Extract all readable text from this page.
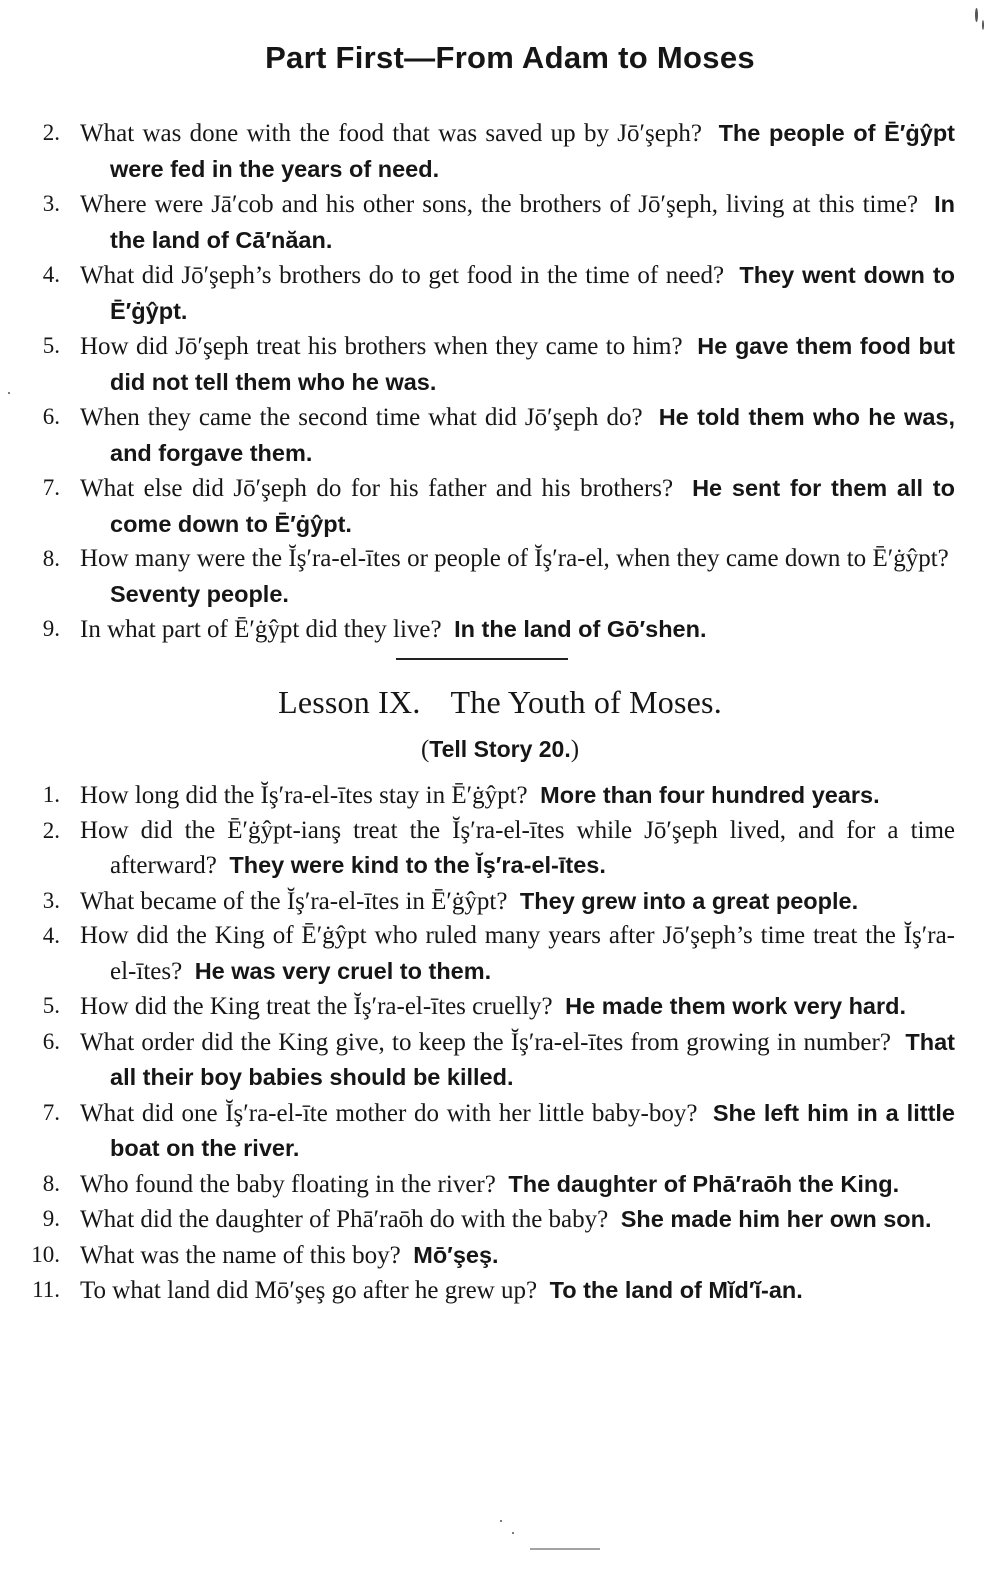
Part First—From Adam to Moses
2. What was done with the food that was saved up by Jō′şeph? The people of Ē′ġŷpt were fed in the years of need.
3. Where were Jā′cob and his other sons, the brothers of Jō′şeph, living at this time? In the land of Cā′năan.
4. What did Jō′şeph’s brothers do to get food in the time of need? They went down to Ē′ġŷpt.
5. How did Jō′şeph treat his brothers when they came to him? He gave them food but did not tell them who he was.
6. When they came the second time what did Jō′şeph do? He told them who he was, and forgave them.
7. What else did Jō′şeph do for his father and his brothers? He sent for them all to come down to Ē′ġŷpt.
8. How many were the Ĭş′ra-el-ītes or people of Ĭş′ra-el, when they came down to Ē′ġŷpt?  Seventy people.
9. In what part of Ē′ġŷpt did they live? In the land of Gō′shen.
Lesson IX. The Youth of Moses.
(Tell Story 20.)
1. How long did the Ĭş′ra-el-ītes stay in Ē′ġŷpt? More than four hundred years.
2. How did the Ē′ġŷpt-ianş treat the Ĭş′ra-el-ītes while Jō′şeph lived, and for a time afterward? They were kind to the Ĭş′ra-el-ītes.
3. What became of the Ĭş′ra-el-ītes in Ē′ġŷpt? They grew into a great people.
4. How did the King of Ē′ġŷpt who ruled many years after Jō′şeph’s time treat the Ĭş′ra-el-ītes? He was very cruel to them.
5. How did the King treat the Ĭş′ra-el-ītes cruelly? He made them work very hard.
6. What order did the King give, to keep the Ĭş′ra-el-ītes from growing in number? That all their boy babies should be killed.
7. What did one Ĭş′ra-el-īte mother do with her little baby-boy? She left him in a little boat on the river.
8. Who found the baby floating in the river? The daughter of Phā′raōh the King.
9. What did the daughter of Phā′raōh do with the baby? She made him her own son.
10. What was the name of this boy? Mō′şeş.
11. To what land did Mō′şeş go after he grew up? To the land of Mĭd′ĭ-an.
